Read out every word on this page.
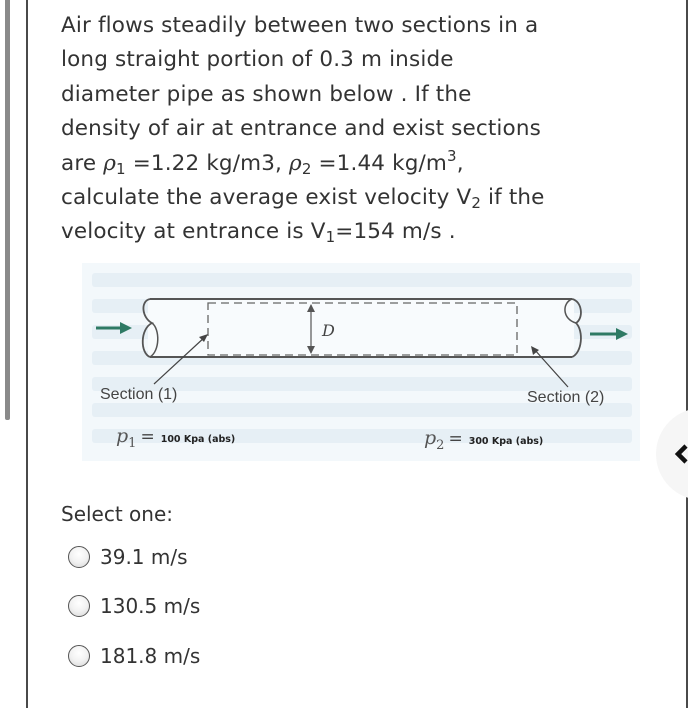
Air flows steadily between two sections in a

long straight portion of 0.3 m inside

diameter pipe as shown below . If the

density of air at entrance and exist sections

are $\rho_1 =1.22$ kg/m3, $\rho_2 =1.44$ $kg/m^3$,

calculate the average exist velocity $V_2$ if the

velocity at entrance is $V_1=154$ m/s .

D
Section (1)	Section (2)
$p_1 = 100$ Kpa (abs)	$p_2 = 300$ Kpa (abs)
Select one:
39.1 m/s
130.5 m/s
181.8 m/s
